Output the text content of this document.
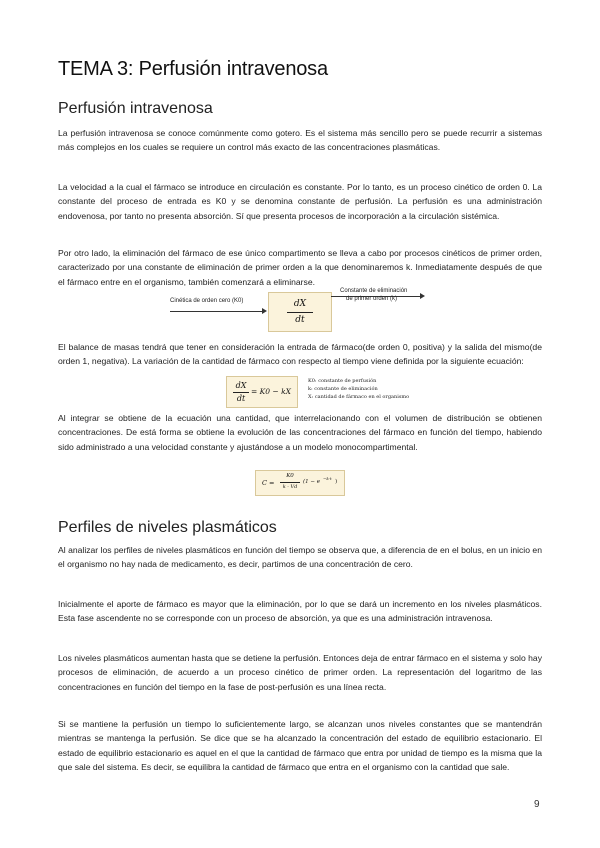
TEMA 3: Perfusión intravenosa
Perfusión intravenosa

La perfusión intravenosa se conoce comúnmente como gotero. Es el sistema más sencillo pero se puede recurrir a sistemas más complejos en los cuales se requiere un control más exacto de las concentraciones plasmáticas.

La velocidad a la cual el fármaco se introduce en circulación es constante. Por lo tanto, es un proceso cinético de orden 0. La constante del proceso de entrada es K0 y se denomina constante de perfusión. La perfusión es una administración endovenosa, por tanto no presenta absorción. Sí que presenta procesos de incorporación a la circulación sistémica.

Por otro lado, la eliminación del fármaco de ese único compartimento se lleva a cabo por procesos cinéticos de primer orden, caracterizado por una constante de eliminación de primer orden a la que denominaremos k. Inmediatamente después de que el fármaco entre en el organismo, también comenzará a eliminarse.

Cinética de orden cero (K0)	dX
dt
Constante de eliminación
de primer orden (k)

El balance de masas tendrá que tener en consideración la entrada de fármaco(de orden 0, positiva) y la salida del mismo(de orden 1, negativa). La variación de la cantidad de fármaco con respecto al tiempo viene definida por la siguiente ecuación:

dX
dt
= K0 − kX
K0: constante de perfusión
k: constante de eliminación
X: cantidad de fármaco en el organismo

Al integrar se obtiene de la ecuación una cantidad, que interrelacionando con el volumen de distribución se obtienen concentraciones. De está forma se obtiene la evolución de las concentraciones del fármaco en función del tiempo, habiendo sido administrado a una velocidad constante y ajustándose a un modelo monocompartimental.

C =
K0
k · Vd
(1 − e
−k·t
)
Perfiles de niveles plasmáticos

Al analizar los perfiles de niveles plasmáticos en función del tiempo se observa que, a diferencia de en el bolus, en un inicio en el organismo no hay nada de medicamento, es decir, partimos de una concentración de cero.

Inicialmente el aporte de fármaco es mayor que la eliminación, por lo que se dará un incremento en los niveles plasmáticos. Esta fase ascendente no se corresponde con un proceso de absorción, ya que es una administración intravenosa.

Los niveles plasmáticos aumentan hasta que se detiene la perfusión. Entonces deja de entrar fármaco en el sistema y solo hay procesos de eliminación, de acuerdo a un proceso cinético de primer orden. La representación del logaritmo de las concentraciones en función del tiempo en la fase de post-perfusión es una línea recta.

Si se mantiene la perfusión un tiempo lo suficientemente largo, se alcanzan unos niveles constantes que se mantendrán mientras se mantenga la perfusión. Se dice que se ha alcanzado la concentración del estado de equilibrio estacionario. El estado de equilibrio estacionario es aquel en el que la cantidad de fármaco que entra por unidad de tiempo es la misma que la que sale del sistema. Es decir, se equilibra la cantidad de fármaco que entra en el organismo con la cantidad que sale.

9
